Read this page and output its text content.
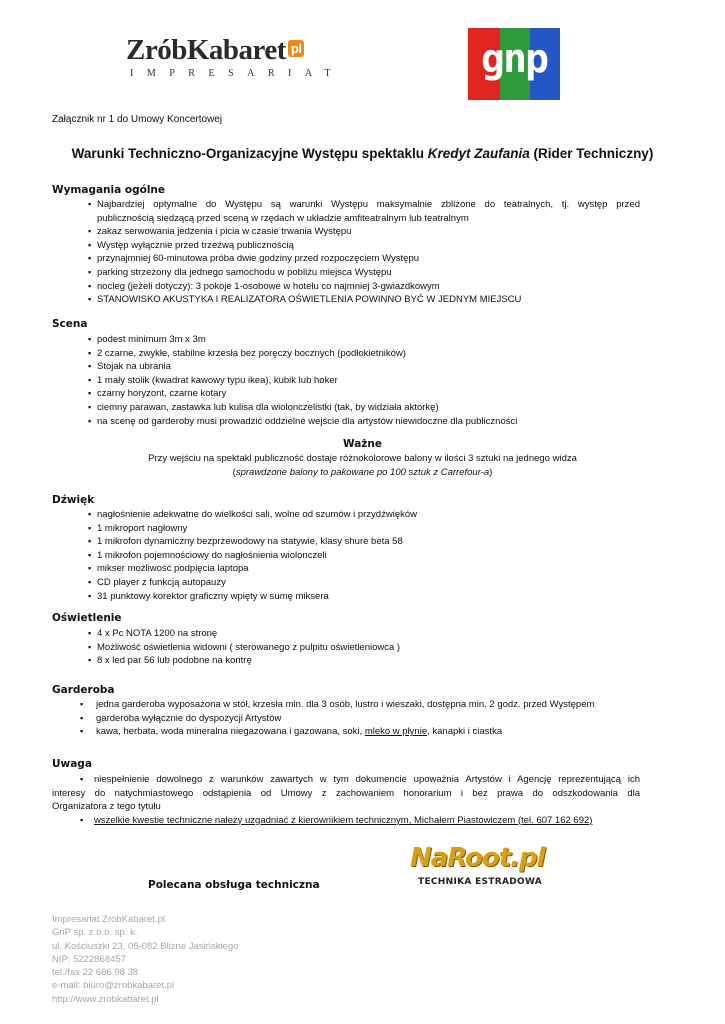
ZróbKabaret pl
IMPRESARIAT	gnp
Załącznik nr 1 do Umowy Koncertowej
Warunki Techniczno-Organizacyjne Występu spektaklu Kredyt Zaufania (Rider Techniczny)
Wymagania ogólne
▪ Najbardziej optymalne do Występu są warunki Występu maksymalnie zbliżone do teatralnych, tj. występ przed
publicznością siedzącą przed sceną w rzędach w układzie amfiteatralnym lub teatralnym
▪ zakaz serwowania jedzenia i picia w czasie trwania Występu
▪ Występ wyłącznie przed trzeźwą publicznością
▪ przynajmniej 60-minutowa próba dwie godziny przed rozpoczęciem Występu
▪ parking strzeżony dla jednego samochodu w pobliżu miejsca Występu
▪ nocleg (jeżeli dotyczy): 3 pokoje 1-osobowe w hotelu co najmniej 3-gwiazdkowym
▪ STANOWISKO AKUSTYKA I REALIZATORA OŚWIETLENIA POWINNO BYĆ W JEDNYM MIEJSCU
Scena
▪ podest minimum 3m x 3m
▪ 2 czarne, zwykłe, stabilne krzesła bez poręczy bocznych (podłokietników)
▪ Stojak na ubrania
▪ 1 mały stolik (kwadrat kawowy typu ikea), kubik lub hoker
▪ czarny horyzont, czarne kotary
▪ ciemny parawan, zastawka lub kulisa dla wiolonczelistki (tak, by widziała aktorkę)
▪ na scenę od garderoby musi prowadzić oddzielne wejście dla artystów niewidoczne dla publiczności
Ważne
Przy wejściu na spektakl publiczność dostaje różnokolorowe balony w ilości 3 sztuki na jednego widza
(sprawdzone balony to pakowane po 100 sztuk z Carrefour-a)
Dźwięk
▪ nagłośnienie adekwatne do wielkości sali, wolne od szumów i przydźwięków
▪ 1 mikroport nagłowny
▪ 1 mikrofon dynamiczny bezprzewodowy na statywie, klasy shure beta 58
▪ 1 mikrofon pojemnościowy do nagłośnienia wiolonczeli
▪ mikser możliwość podpięcia laptopa
▪ CD player z funkcją autopauzy
▪ 31 punktowy korektor graficzny wpięty w sumę miksera
Oświetlenie
▪ 4 x Pc NOTA 1200 na stronę
▪ Możliwość oświetlenia widowni ( sterowanego z pulpitu oświetleniowca )
▪ 8 x led par 56 lub podobne na kontrę
Garderoba
▪ jedna garderoba wyposażona w stół, krzesła min. dla 3 osób, lustro i wieszaki, dostępna min. 2 godz. przed Występem
▪ garderoba wyłącznie do dyspozycji Artystów
▪ kawa, herbata, woda mineralna niegazowana i gazowana, soki, mleko w płynie, kanapki i ciastka
Uwaga
▪ niespełnienie dowolnego z warunków zawartych w tym dokumencie upoważnia Artystów i Agencję reprezentującą ich
interesy do natychmiastowego odstąpienia od Umowy z zachowaniem honorarium i bez prawa do odszkodowania dla
Organizatora z tego tytułu
▪ wszelkie kwestie techniczne należy uzgadniać z kierownikiem technicznym, Michałem Piastowiczem (tel. 607 162 692)
Polecana obsługa techniczna
NaRoot.pl
TECHNIKA ESTRADOWA
Impresariat ZróbKabaret.pl
GnP sp. z o.o. sp. k.
ul. Kościuszki 23, 05-082 Blizne Jasińskiego
NIP: 5222868457
tel./fax 22 666 98 38
e-mail: biuro@zrobkabaret.pl
http://www.zrobkabaret.pl
